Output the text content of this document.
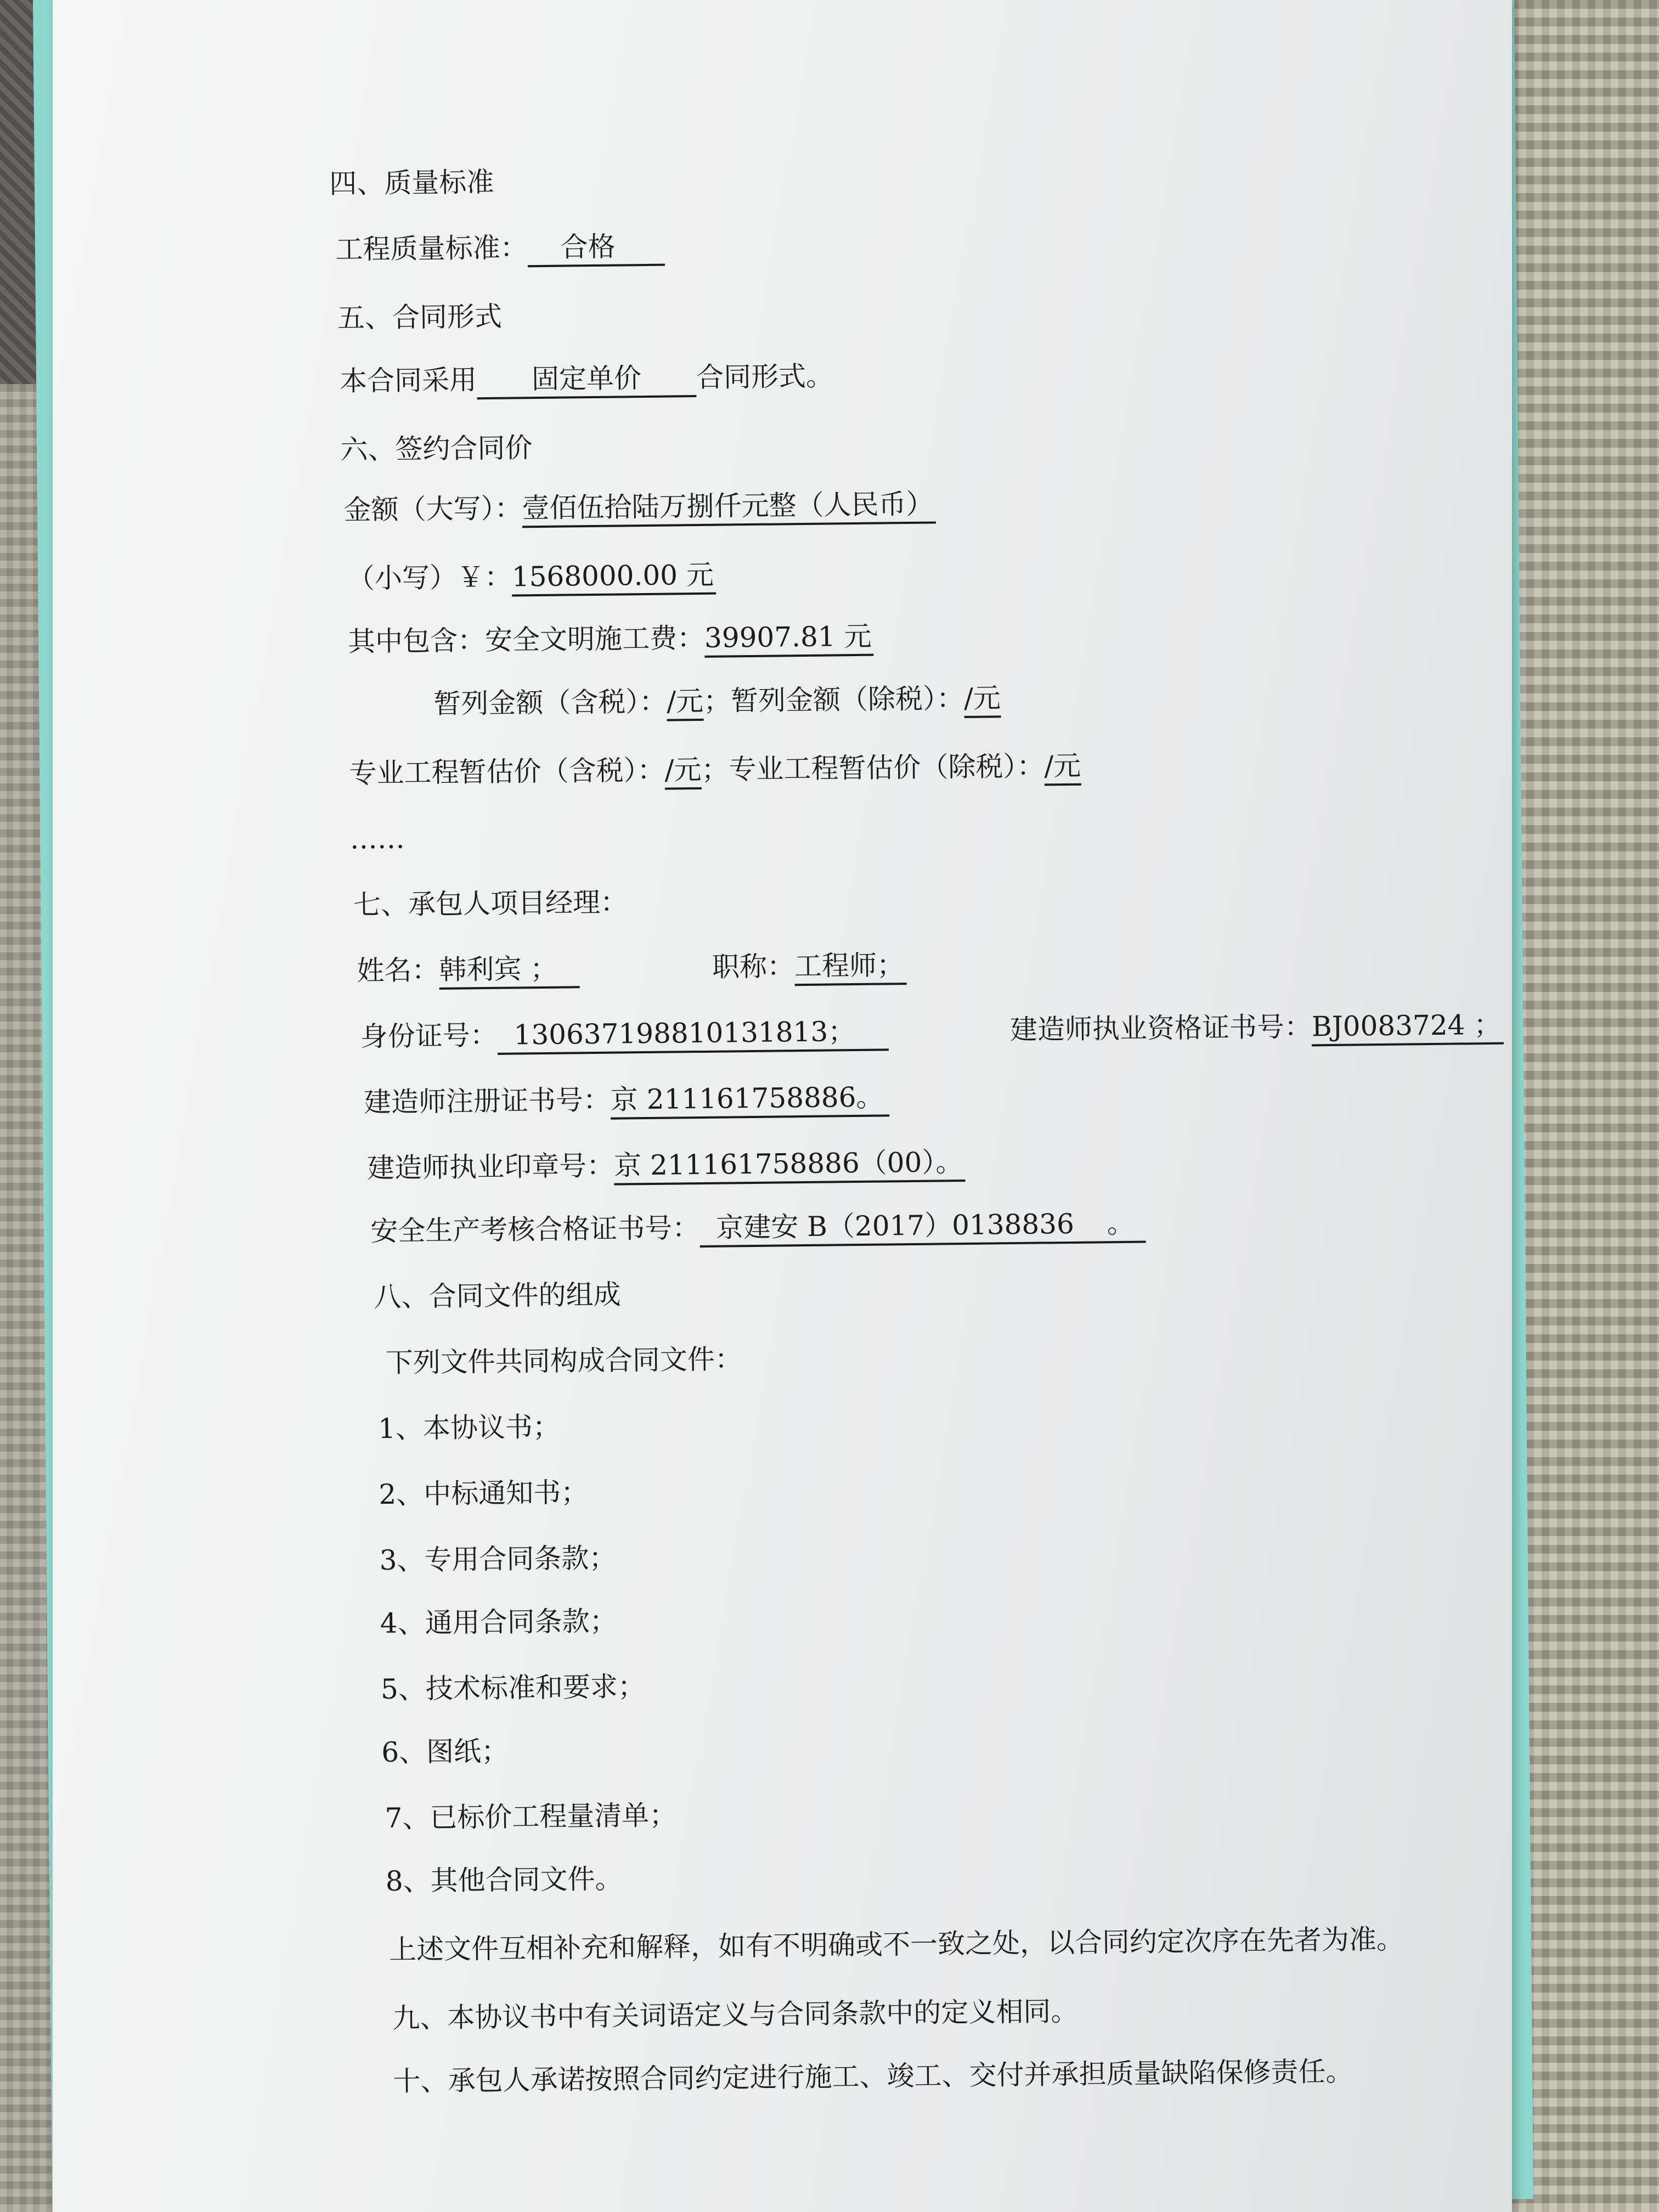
四、质量标准
工程质量标准： 合格
五、合同形式
本合同采用 固定单价 合同形式。
六、签约合同价
金额（大写）：壹佰伍拾陆万捌仟元整（人民币）
（小写）￥：1568000.00 元
其中包含：安全文明施工费：39907.81 元
暂列金额（含税）：/元；暂列金额（除税）：/元
专业工程暂估价（含税）：/元；专业工程暂估价（除税）：/元
……
七、承包人项目经理：
姓名：韩利宾 ；	职称：工程师；
身份证号： 130637198810131813；	建造师执业资格证书号：BJ0083724 ；
建造师注册证书号：京 211161758886。
建造师执业印章号：京 211161758886（00）。
安全生产考核合格证书号： 京建安 B（2017）0138836 。
八、合同文件的组成
下列文件共同构成合同文件：
1、本协议书；
2、中标通知书；
3、专用合同条款；
4、通用合同条款；
5、技术标准和要求；
6、图纸；
7、已标价工程量清单；
8、其他合同文件。
上述文件互相补充和解释，如有不明确或不一致之处，以合同约定次序在先者为准。
九、本协议书中有关词语定义与合同条款中的定义相同。
十、承包人承诺按照合同约定进行施工、竣工、交付并承担质量缺陷保修责任。
